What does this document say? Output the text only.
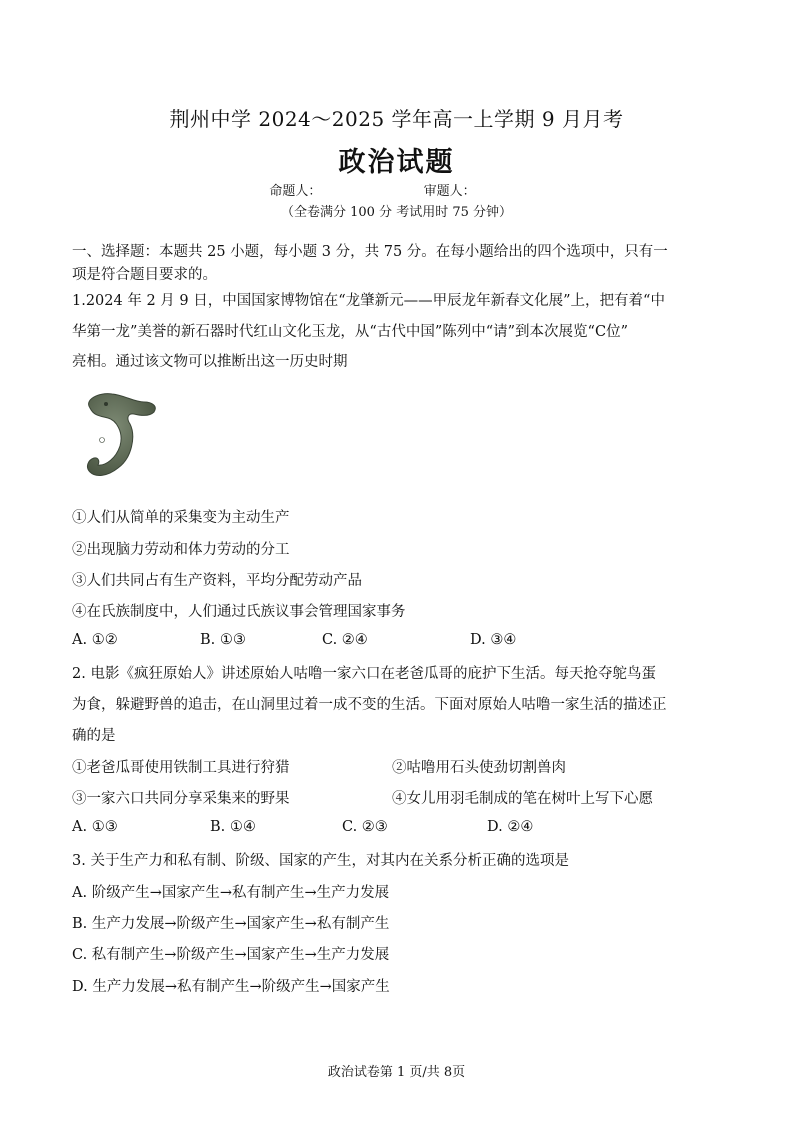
荆州中学 2024～2025 学年高一上学期 9 月月考
政治试题
命题人：	审题人：
（全卷满分 100 分 考试用时 75 分钟）
一、选择题：本题共 25 小题，每小题 3 分，共 75 分。在每小题给出的四个选项中，只有一
项是符合题目要求的。
1.2024 年 2 月 9 日，中国国家博物馆在“龙肇新元——甲辰龙年新春文化展”上，把有着“中
华第一龙”美誉的新石器时代红山文化玉龙，从“古代中国”陈列中“请”到本次展览“C位”
亮相。通过该文物可以推断出这一历史时期
①人们从简单的采集变为主动生产
②出现脑力劳动和体力劳动的分工
③人们共同占有生产资料，平均分配劳动产品
④在氏族制度中，人们通过氏族议事会管理国家事务
A. ①②	B. ①③	C. ②④	D. ③④
2. 电影《疯狂原始人》讲述原始人咕噜一家六口在老爸瓜哥的庇护下生活。每天抢夺鸵鸟蛋
为食，躲避野兽的追击，在山洞里过着一成不变的生活。下面对原始人咕噜一家生活的描述正
确的是
①老爸瓜哥使用铁制工具进行狩猎	②咕噜用石头使劲切割兽肉
③一家六口共同分享采集来的野果	④女儿用羽毛制成的笔在树叶上写下心愿
A. ①③	B. ①④	C. ②③	D. ②④
3. 关于生产力和私有制、阶级、国家的产生，对其内在关系分析正确的选项是
A. 阶级产生→国家产生→私有制产生→生产力发展
B. 生产力发展→阶级产生→国家产生→私有制产生
C. 私有制产生→阶级产生→国家产生→生产力发展
D. 生产力发展→私有制产生→阶级产生→国家产生
政治试卷第 1 页/共 8页
